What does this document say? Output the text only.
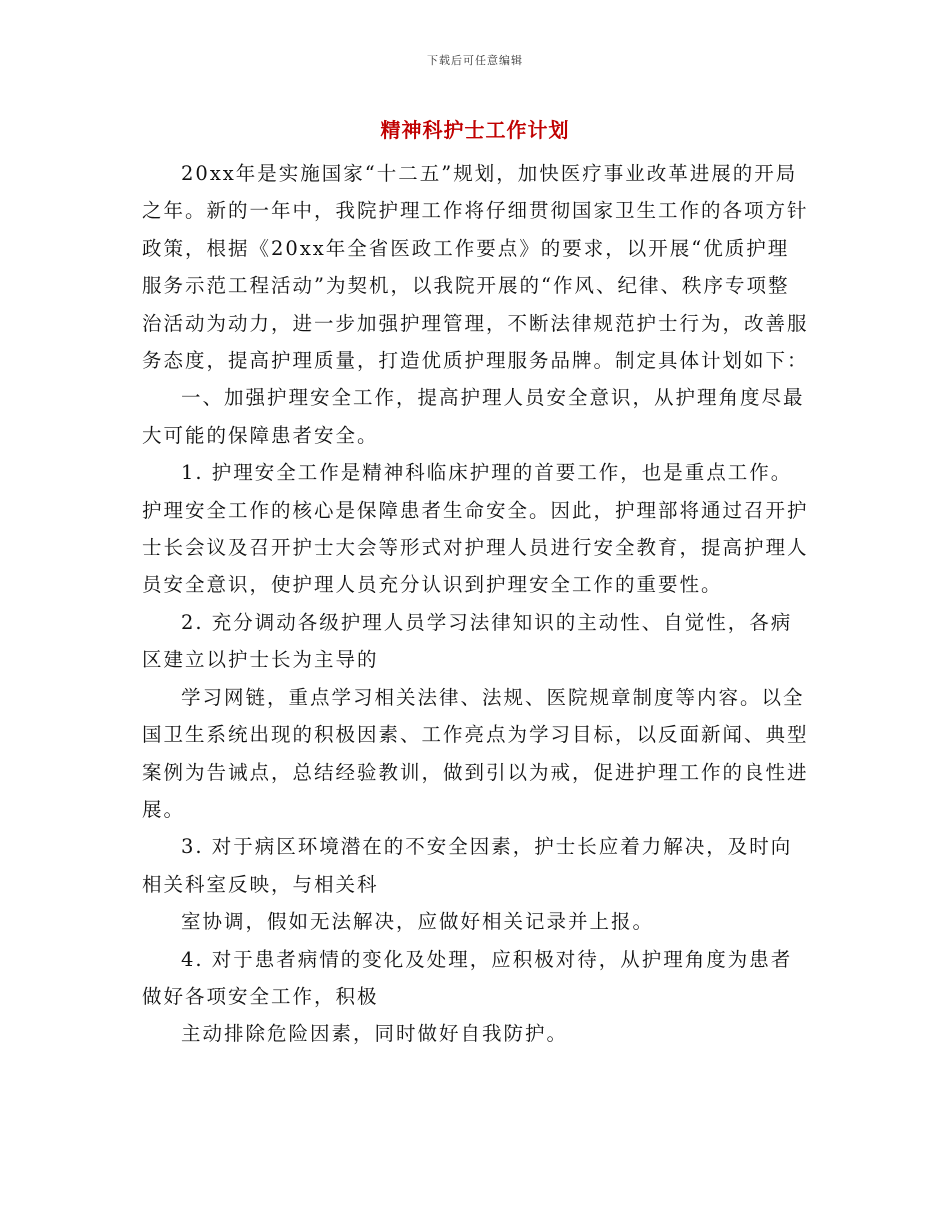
下载后可任意编辑
精神科护士工作计划

20xx年是实施国家“十二五”规划，加快医疗事业改革进展的开局之年。新的一年中，我院护理工作将仔细贯彻国家卫生工作的各项方针政策，根据《20xx年全省医政工作要点》的要求，以开展“优质护理服务示范工程活动”为契机，以我院开展的“作风、纪律、秩序专项整治活动为动力，进一步加强护理管理，不断法律规范护士行为，改善服务态度，提高护理质量，打造优质护理服务品牌。制定具体计划如下：

一、加强护理安全工作，提高护理人员安全意识，从护理角度尽最大可能的保障患者安全。

1. 护理安全工作是精神科临床护理的首要工作，也是重点工作。护理安全工作的核心是保障患者生命安全。因此，护理部将通过召开护士长会议及召开护士大会等形式对护理人员进行安全教育，提高护理人员安全意识，使护理人员充分认识到护理安全工作的重要性。

2. 充分调动各级护理人员学习法律知识的主动性、自觉性，各病区建立以护士长为主导的

学习网链，重点学习相关法律、法规、医院规章制度等内容。以全国卫生系统出现的积极因素、工作亮点为学习目标，以反面新闻、典型案例为告诫点，总结经验教训，做到引以为戒，促进护理工作的良性进展。

3. 对于病区环境潜在的不安全因素，护士长应着力解决，及时向相关科室反映，与相关科

室协调，假如无法解决，应做好相关记录并上报。

4. 对于患者病情的变化及处理，应积极对待，从护理角度为患者做好各项安全工作，积极

主动排除危险因素，同时做好自我防护。
